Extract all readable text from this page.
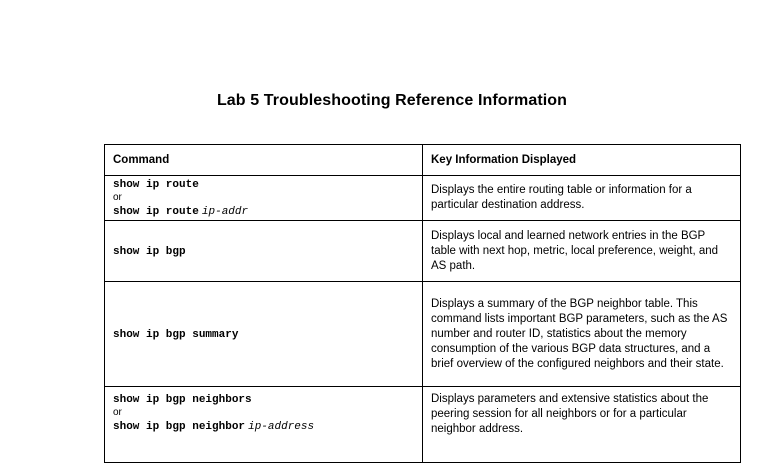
Lab 5 Troubleshooting Reference Information
Command	Key Information Displayed

show ip route
or
show ip route ip-addr	Displays the entire routing table or information for a particular destination address.
show ip bgp	Displays local and learned network entries in the BGP table with next hop, metric, local preference, weight, and AS path.
show ip bgp summary	Displays a summary of the BGP neighbor table. This command lists important BGP parameters, such as the AS number and router ID, statistics about the memory consumption of the various BGP data structures, and a brief overview of the configured neighbors and their state.

show ip bgp neighbors
or
show ip bgp neighbor ip-address	Displays parameters and extensive statistics about the peering session for all neighbors or for a particular neighbor address.
